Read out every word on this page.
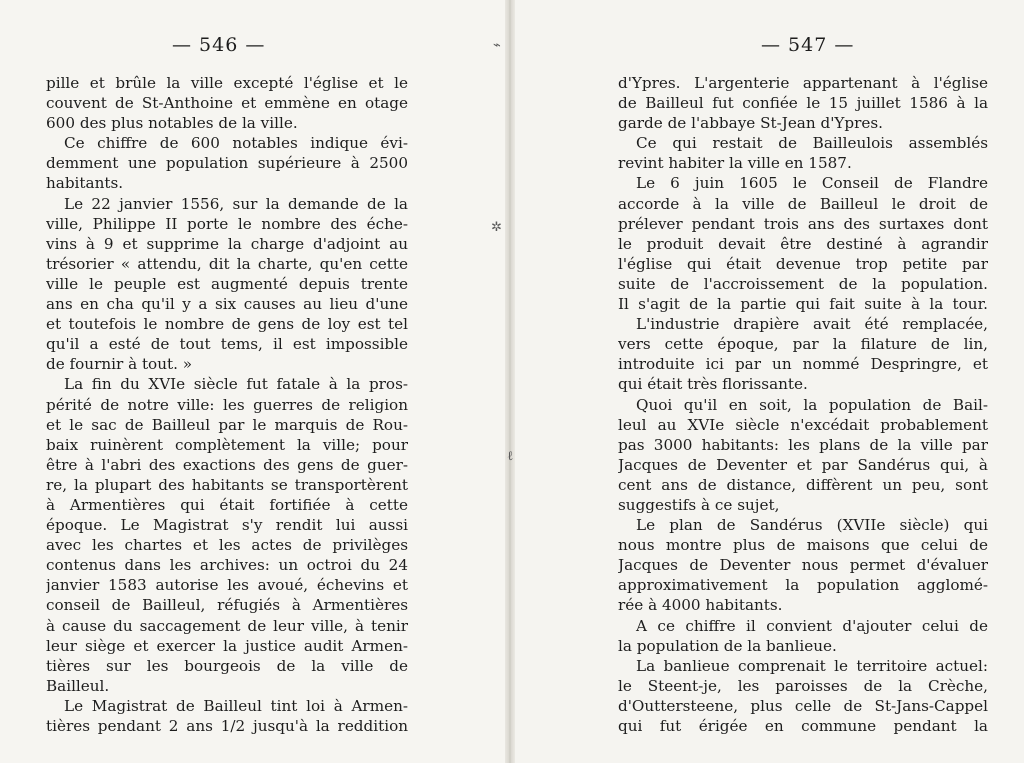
— 546 —
pille et brûle la ville excepté l'église et le
couvent de St-Anthoine et emmène en otage
600 des plus notables de la ville.
Ce chiffre de 600 notables indique évi-
demment une population supérieure à 2500
habitants.
Le 22 janvier 1556, sur la demande de la
ville, Philippe II porte le nombre des éche-
vins à 9 et supprime la charge d'adjoint au
trésorier « attendu, dit la charte, qu'en cette
ville le peuple est augmenté depuis trente
ans en cha qu'il y a six causes au lieu d'une
et toutefois le nombre de gens de loy est tel
qu'il a esté de tout tems, il est impossible
de fournir à tout. »
La fin du XVIe siècle fut fatale à la pros-
périté de notre ville: les guerres de religion
et le sac de Bailleul par le marquis de Rou-
baix ruinèrent complètement la ville; pour
être à l'abri des exactions des gens de guer-
re, la plupart des habitants se transportèrent
à Armentières qui était fortifiée à cette
époque. Le Magistrat s'y rendit lui aussi
avec les chartes et les actes de privilèges
contenus dans les archives: un octroi du 24
janvier 1583 autorise les avoué, échevins et
conseil de Bailleul, réfugiés à Armentières
à cause du saccagement de leur ville, à tenir
leur siège et exercer la justice audit Armen-
tières sur les bourgeois de la ville de
Bailleul.
Le Magistrat de Bailleul tint loi à Armen-
tières pendant 2 ans 1/2 jusqu'à la reddition
⌁
✲
ℓ
— 547 —
d'Ypres. L'argenterie appartenant à l'église
de Bailleul fut confiée le 15 juillet 1586 à la
garde de l'abbaye St-Jean d'Ypres.
Ce qui restait de Bailleulois assemblés
revint habiter la ville en 1587.
Le 6 juin 1605 le Conseil de Flandre
accorde à la ville de Bailleul le droit de
prélever pendant trois ans des surtaxes dont
le produit devait être destiné à agrandir
l'église qui était devenue trop petite par
suite de l'accroissement de la population.
Il s'agit de la partie qui fait suite à la tour.
L'industrie drapière avait été remplacée,
vers cette époque, par la filature de lin,
introduite ici par un nommé Despringre, et
qui était très florissante.
Quoi qu'il en soit, la population de Bail-
leul au XVIe siècle n'excédait probablement
pas 3000 habitants: les plans de la ville par
Jacques de Deventer et par Sandérus qui, à
cent ans de distance, diffèrent un peu, sont
suggestifs à ce sujet,
Le plan de Sandérus (XVIIe siècle) qui
nous montre plus de maisons que celui de
Jacques de Deventer nous permet d'évaluer
approximativement la population agglomé-
rée à 4000 habitants.
A ce chiffre il convient d'ajouter celui de
la population de la banlieue.
La banlieue comprenait le territoire actuel:
le Steent-je, les paroisses de la Crèche,
d'Outtersteene, plus celle de St-Jans-Cappel
qui fut érigée en commune pendant la
